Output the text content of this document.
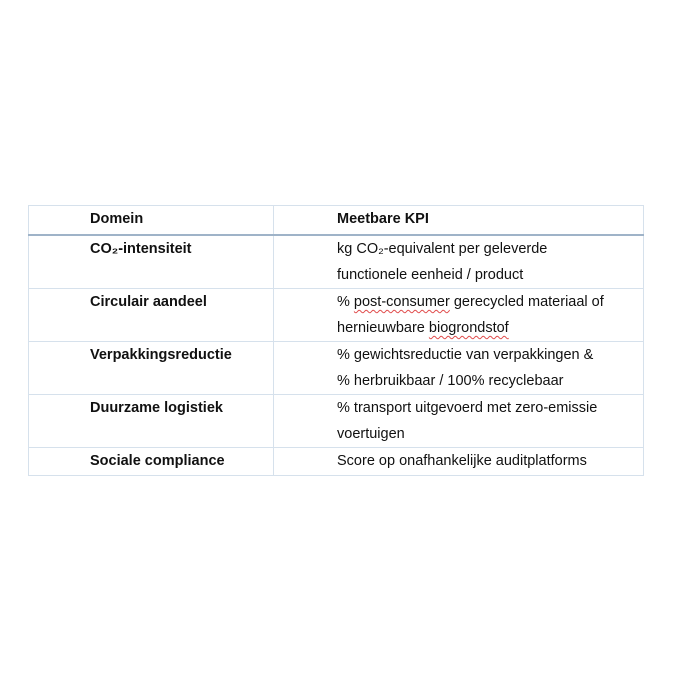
Domein	Meetbare KPI
CO₂-intensiteit	kg CO₂-equivalent per geleverde
functionele eenheid / product
Circulair aandeel	% post-consumer gerecycled materiaal of
hernieuwbare biogrondstof
Verpakkingsreductie	% gewichtsreductie van verpakkingen &
% herbruikbaar / 100% recyclebaar
Duurzame logistiek	% transport uitgevoerd met zero-emissie
voertuigen
Sociale compliance	Score op onafhankelijke auditplatforms
